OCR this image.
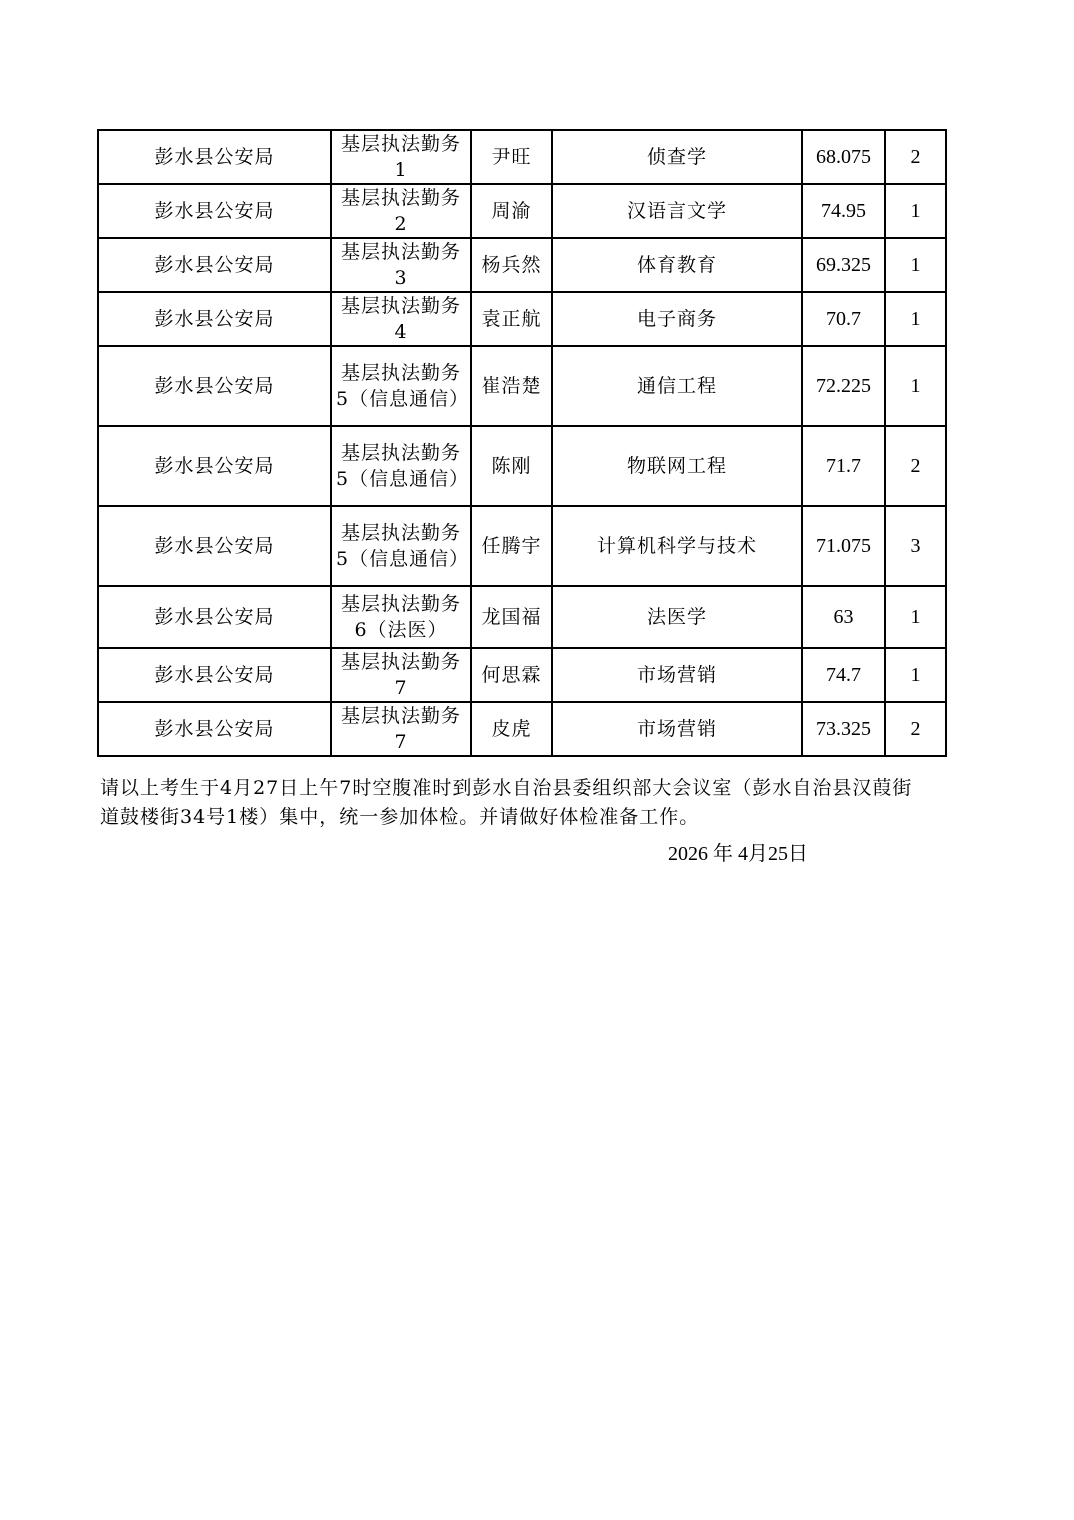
彭水县公安局	基层执法勤务1	尹旺	侦查学	68.075	2
彭水县公安局	基层执法勤务2	周渝	汉语言文学	74.95	1
彭水县公安局	基层执法勤务3	杨兵然	体育教育	69.325	1
彭水县公安局	基层执法勤务4	袁正航	电子商务	70.7	1
彭水县公安局	基层执法勤务5（信息通信）	崔浩楚	通信工程	72.225	1
彭水县公安局	基层执法勤务5（信息通信）	陈刚	物联网工程	71.7	2
彭水县公安局	基层执法勤务5（信息通信）	任腾宇	计算机科学与技术	71.075	3
彭水县公安局	基层执法勤务6（法医）	龙国福	法医学	63	1
彭水县公安局	基层执法勤务7	何思霖	市场营销	74.7	1
彭水县公安局	基层执法勤务7	皮虎	市场营销	73.325	2
请以上考生于4月27日上午7时空腹准时到彭水自治县委组织部大会议室（彭水自治县汉葭街道鼓楼街34号1楼）集中，统一参加体检。并请做好体检准备工作。
2026 年 4月25日
